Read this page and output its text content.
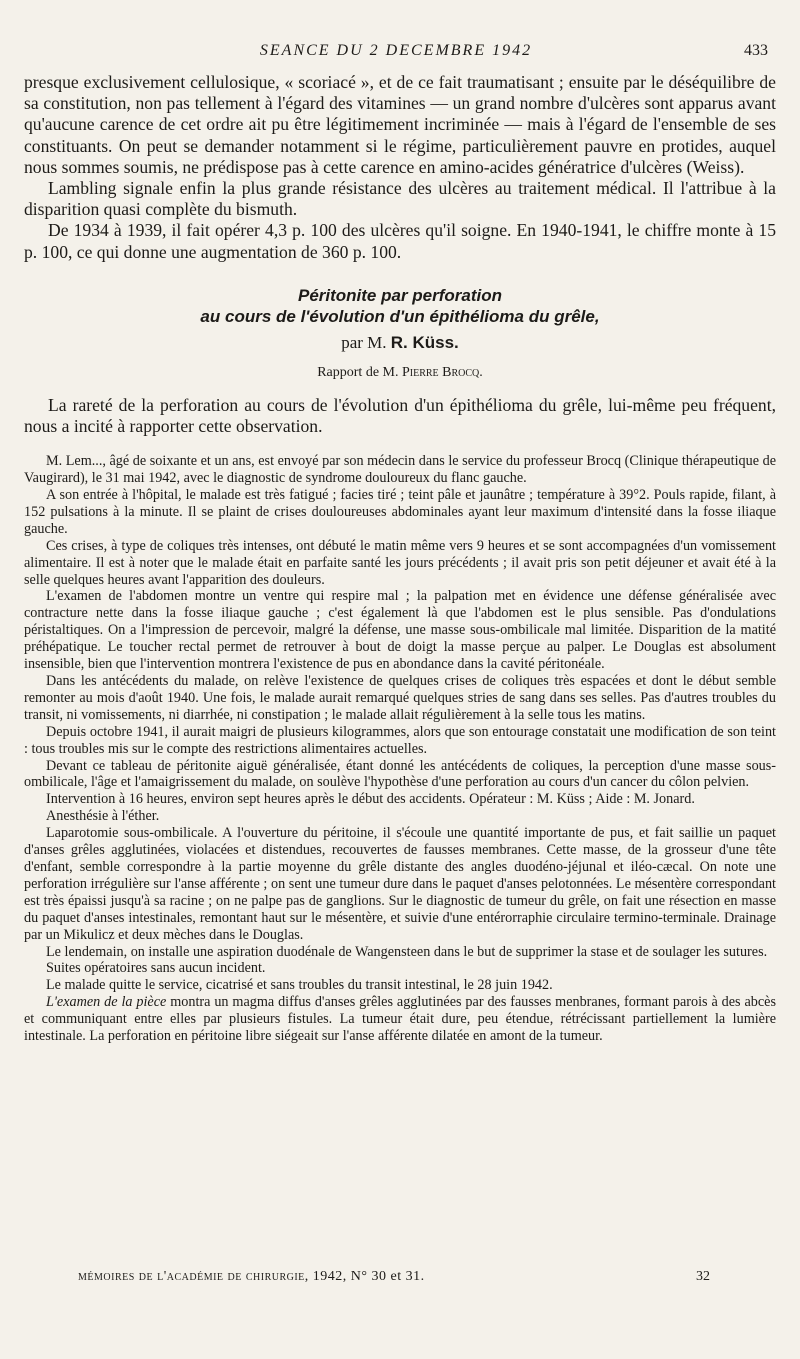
SEANCE DU 2 DECEMBRE 1942	433

presque exclusivement cellulosique, « scoriacé », et de ce fait traumatisant ; ensuite par le déséquilibre de sa constitution, non pas tellement à l'égard des vitamines — un grand nombre d'ulcères sont apparus avant qu'aucune carence de cet ordre ait pu être légitimement incriminée — mais à l'égard de l'ensemble de ses constituants. On peut se demander notamment si le régime, particulièrement pauvre en protides, auquel nous sommes soumis, ne prédispose pas à cette carence en amino-acides génératrice d'ulcères (Weiss).

Lambling signale enfin la plus grande résistance des ulcères au traitement médical. Il l'attribue à la disparition quasi complète du bismuth.

De 1934 à 1939, il fait opérer 4,3 p. 100 des ulcères qu'il soigne. En 1940-1941, le chiffre monte à 15 p. 100, ce qui donne une augmentation de 360 p. 100.

Péritonite par perforation
au cours de l'évolution d'un épithélioma du grêle,
par M. R. Küss.
Rapport de M. Pierre Brocq.

La rareté de la perforation au cours de l'évolution d'un épithélioma du grêle, lui-même peu fréquent, nous a incité à rapporter cette observation.

M. Lem..., âgé de soixante et un ans, est envoyé par son médecin dans le service du professeur Brocq (Clinique thérapeutique de Vaugirard), le 31 mai 1942, avec le diagnostic de syndrome douloureux du flanc gauche.

A son entrée à l'hôpital, le malade est très fatigué ; facies tiré ; teint pâle et jaunâtre ; température à 39°2. Pouls rapide, filant, à 152 pulsations à la minute. Il se plaint de crises douloureuses abdominales ayant leur maximum d'intensité dans la fosse iliaque gauche.

Ces crises, à type de coliques très intenses, ont débuté le matin même vers 9 heures et se sont accompagnées d'un vomissement alimentaire. Il est à noter que le malade était en parfaite santé les jours précédents ; il avait pris son petit déjeuner et avait été à la selle quelques heures avant l'apparition des douleurs.

L'examen de l'abdomen montre un ventre qui respire mal ; la palpation met en évidence une défense généralisée avec contracture nette dans la fosse iliaque gauche ; c'est également là que l'abdomen est le plus sensible. Pas d'ondulations péristaltiques. On a l'impression de percevoir, malgré la défense, une masse sous-ombilicale mal limitée. Disparition de la matité préhépatique. Le toucher rectal permet de retrouver à bout de doigt la masse perçue au palper. Le Douglas est absolument insensible, bien que l'intervention montrera l'existence de pus en abondance dans la cavité péritonéale.

Dans les antécédents du malade, on relève l'existence de quelques crises de coliques très espacées et dont le début semble remonter au mois d'août 1940. Une fois, le malade aurait remarqué quelques stries de sang dans ses selles. Pas d'autres troubles du transit, ni vomissements, ni diarrhée, ni constipation ; le malade allait régulièrement à la selle tous les matins.

Depuis octobre 1941, il aurait maigri de plusieurs kilogrammes, alors que son entourage constatait une modification de son teint : tous troubles mis sur le compte des restrictions alimentaires actuelles.

Devant ce tableau de péritonite aiguë généralisée, étant donné les antécédents de coliques, la perception d'une masse sous-ombilicale, l'âge et l'amaigrissement du malade, on soulève l'hypothèse d'une perforation au cours d'un cancer du côlon pelvien.

Intervention à 16 heures, environ sept heures après le début des accidents. Opérateur : M. Küss ; Aide : M. Jonard.

Anesthésie à l'éther.

Laparotomie sous-ombilicale. A l'ouverture du péritoine, il s'écoule une quantité importante de pus, et fait saillie un paquet d'anses grêles agglutinées, violacées et distendues, recouvertes de fausses membranes. Cette masse, de la grosseur d'une tête d'enfant, semble correspondre à la partie moyenne du grêle distante des angles duodéno-jéjunal et iléo-cæcal. On note une perforation irrégulière sur l'anse afférente ; on sent une tumeur dure dans le paquet d'anses pelotonnées. Le mésentère correspondant est très épaissi jusqu'à sa racine ; on ne palpe pas de ganglions. Sur le diagnostic de tumeur du grêle, on fait une résection en masse du paquet d'anses intestinales, remontant haut sur le mésentère, et suivie d'une entérorraphie circulaire termino-terminale. Drainage par un Mikulicz et deux mèches dans le Douglas.

Le lendemain, on installe une aspiration duodénale de Wangensteen dans le but de supprimer la stase et de soulager les sutures.

Suites opératoires sans aucun incident.

Le malade quitte le service, cicatrisé et sans troubles du transit intestinal, le 28 juin 1942.

L'examen de la pièce montra un magma diffus d'anses grêles agglutinées par des fausses menbranes, formant parois à des abcès et communiquant entre elles par plusieurs fistules. La tumeur était dure, peu étendue, rétrécissant partiellement la lumière intestinale. La perforation en péritoine libre siégeait sur l'anse afférente dilatée en amont de la tumeur.

mémoires de l'académie de chirurgie, 1942, N° 30 et 31.	32
